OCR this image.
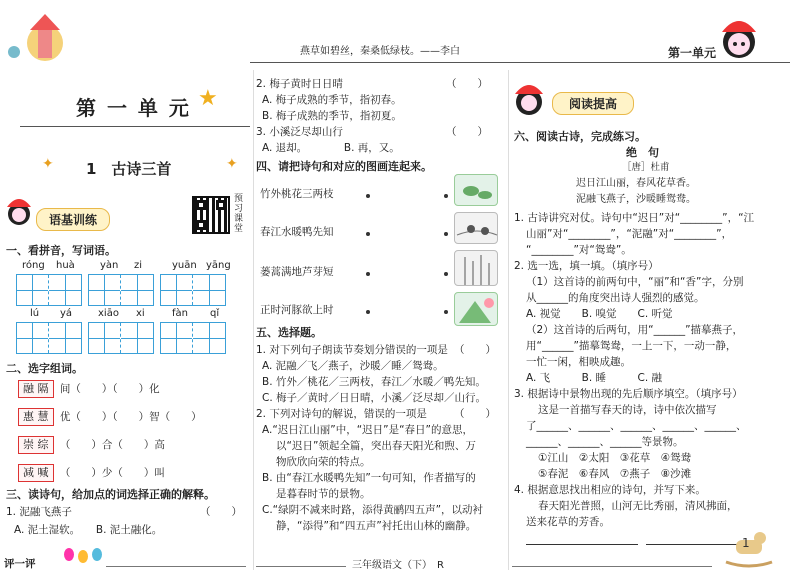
燕草如碧丝，秦桑低绿枝。——李白	第一单元
第 一 单 元 ★
1　古诗三首
✦	✦
语基训练
预习课堂
一、看拼音，写词语。
róng huà	yàn zi	yuān yāng
lú yá	xiāo xi	fàn qǐ
二、选字组词。
融 隔 间（　　）（　　）化
惠 慧 优（　　）（　　）智（　　）
崇 综 （　　）合（　　）高
减 喊 （　　）少（　　）叫
三、读诗句，给加点的词选择正确的解释。
1. 泥融飞燕子	（　　）
A. 泥土湿软。　　B. 泥土融化。
评一评
2. 梅子黄时日日晴	（　　）
A. 梅子成熟的季节，指初春。
B. 梅子成熟的季节，指初夏。
3. 小溪泛尽却山行	（　　）
A. 退却。　　　　B. 再，又。
四、请把诗句和对应的图画连起来。
竹外桃花三两枝
春江水暖鸭先知
蒌蒿满地芦芽短
正时河豚欲上时
五、选择题。
1. 对下列句子朗读节奏划分错误的一项是 （　　）
A. 泥融／飞／燕子，沙暖／睡／鸳鸯。
B. 竹外／桃花／三两枝，春江／水暖／鸭先知。
C. 梅子／黄时／日日晴，小溪／泛尽却／山行。
2. 下列对诗句的解说，错误的一项是	（　　）
A.“迟日江山丽”中，“迟日”是“春日”的意思，
以“迟日”领起全篇，突出春天阳光和煦、万
物欣欣向荣的特点。
B. 由“春江水暖鸭先知”一句可知，作者描写的
是暮春时节的景物。
C.“绿阴不减来时路，添得黄鹂四五声”，以动衬
静，“添得”和“四五声”衬托出山林的幽静。
三年级语文（下）　R
阅读提高
六、阅读古诗，完成练习。
绝　句
［唐］杜甫
迟日江山丽，春风花草香。
泥融飞燕子，沙暖睡鸳鸯。
1. 古诗讲究对仗。诗句中“迟日”对“________”，“江
山丽”对“________”，“泥融”对“________”，
“________”对“鸳鸯”。
2. 选一选，填一填。（填序号）
（1）这首诗的前两句中，“丽”和“香”字，分别
从______的角度突出诗人强烈的感觉。
A. 视觉　　B. 嗅觉　　C. 听觉
（2）这首诗的后两句，用“______”描摹燕子，
用“______”描摹鸳鸯，一上一下，一动一静，
一忙一闲，相映成趣。
A. 飞　　　B. 睡　　　C. 融
3. 根据诗中景物出现的先后顺序填空。（填序号）
这是一首描写春天的诗，诗中依次描写
了______、______、______、______、______、
______、______、______等景物。
①江山　②太阳　③花草　④鸳鸯
⑤春泥　⑥春风　⑦燕子　⑧沙滩
4. 根据意思找出相应的诗句，并写下来。
春天阳光普照，山河无比秀丽，清风拂面，
送来花草的芳香。
1
